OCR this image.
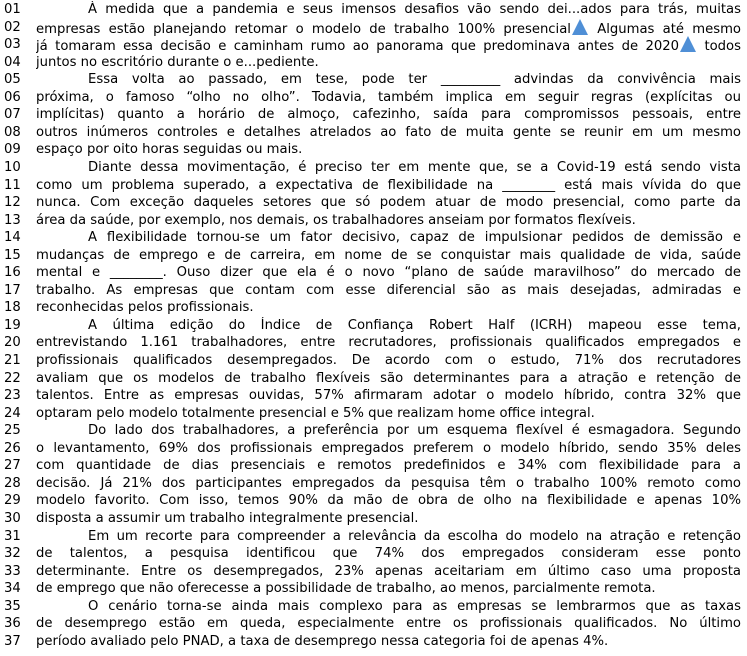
01	À medida que a pandemia e seus imensos desafios vão sendo dei...ados para trás, muitas
02	empresas estão planejando retomar o modelo de trabalho 100% presencial Algumas até mesmo
03	já tomaram essa decisão e caminham rumo ao panorama que predominava antes de 2020 todos
04	juntos no escritório durante o e...pediente.
05	Essa volta ao passado, em tese, pode ter _________ advindas da convivência mais
06	próxima, o famoso “olho no olho”. Todavia, também implica em seguir regras (explícitas ou
07	implícitas) quanto a horário de almoço, cafezinho, saída para compromissos pessoais, entre
08	outros inúmeros controles e detalhes atrelados ao fato de muita gente se reunir em um mesmo
09	espaço por oito horas seguidas ou mais.
10	Diante dessa movimentação, é preciso ter em mente que, se a Covid-19 está sendo vista
11	como um problema superado, a expectativa de flexibilidade na ________ está mais vívida do que
12	nunca. Com exceção daqueles setores que só podem atuar de modo presencial, como parte da
13	área da saúde, por exemplo, nos demais, os trabalhadores anseiam por formatos flexíveis.
14	A flexibilidade tornou-se um fator decisivo, capaz de impulsionar pedidos de demissão e
15	mudanças de emprego e de carreira, em nome de se conquistar mais qualidade de vida, saúde
16	mental e ________. Ouso dizer que ela é o novo “plano de saúde maravilhoso” do mercado de
17	trabalho. As empresas que contam com esse diferencial são as mais desejadas, admiradas e
18	reconhecidas pelos profissionais.
19	A última edição do Índice de Confiança Robert Half (ICRH) mapeou esse tema,
20	entrevistando 1.161 trabalhadores, entre recrutadores, profissionais qualificados empregados e
21	profissionais qualificados desempregados. De acordo com o estudo, 71% dos recrutadores
22	avaliam que os modelos de trabalho flexíveis são determinantes para a atração e retenção de
23	talentos. Entre as empresas ouvidas, 57% afirmaram adotar o modelo híbrido, contra 32% que
24	optaram pelo modelo totalmente presencial e 5% que realizam home office integral.
25	Do lado dos trabalhadores, a preferência por um esquema flexível é esmagadora. Segundo
26	o levantamento, 69% dos profissionais empregados preferem o modelo híbrido, sendo 35% deles
27	com quantidade de dias presenciais e remotos predefinidos e 34% com flexibilidade para a
28	decisão. Já 21% dos participantes empregados da pesquisa têm o trabalho 100% remoto como
29	modelo favorito. Com isso, temos 90% da mão de obra de olho na flexibilidade e apenas 10%
30	disposta a assumir um trabalho integralmente presencial.
31	Em um recorte para compreender a relevância da escolha do modelo na atração e retenção
32	de talentos, a pesquisa identificou que 74% dos empregados consideram esse ponto
33	determinante. Entre os desempregados, 23% apenas aceitariam em último caso uma proposta
34	de emprego que não oferecesse a possibilidade de trabalho, ao menos, parcialmente remota.
35	O cenário torna-se ainda mais complexo para as empresas se lembrarmos que as taxas
36	de desemprego estão em queda, especialmente entre os profissionais qualificados. No último
37	período avaliado pelo PNAD, a taxa de desemprego nessa categoria foi de apenas 4%.
